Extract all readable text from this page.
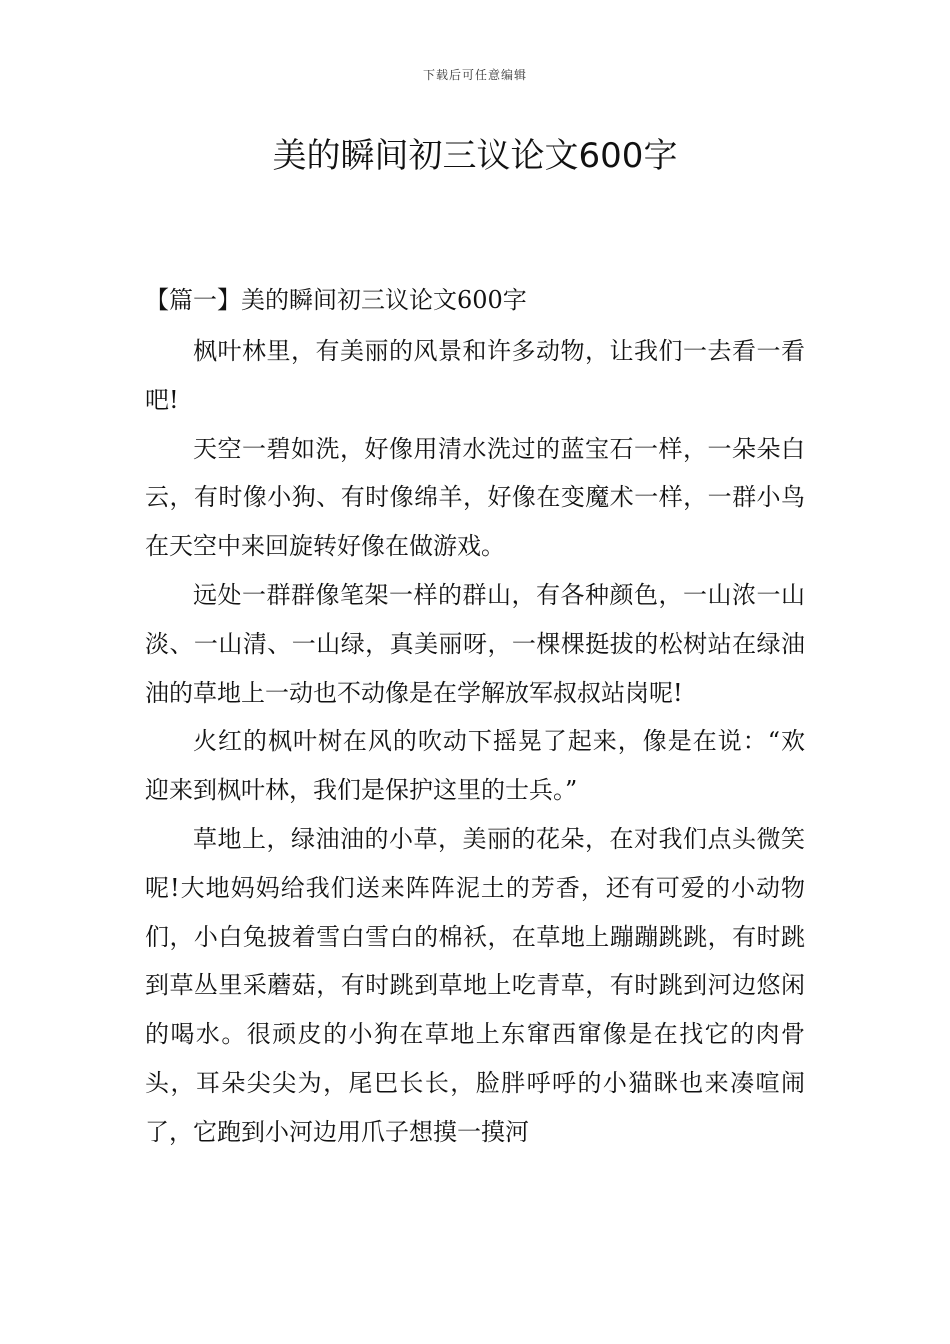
下载后可任意编辑
美的瞬间初三议论文600字

【篇一】美的瞬间初三议论文600字

枫叶林里，有美丽的风景和许多动物，让我们一去看一看吧!

天空一碧如洗，好像用清水洗过的蓝宝石一样，一朵朵白云，有时像小狗、有时像绵羊，好像在变魔术一样，一群小鸟在天空中来回旋转好像在做游戏。

远处一群群像笔架一样的群山，有各种颜色，一山浓一山淡、一山清、一山绿，真美丽呀，一棵棵挺拔的松树站在绿油油的草地上一动也不动像是在学解放军叔叔站岗呢!

火红的枫叶树在风的吹动下摇晃了起来，像是在说：“欢迎来到枫叶林，我们是保护这里的士兵。”

草地上，绿油油的小草，美丽的花朵，在对我们点头微笑呢!大地妈妈给我们送来阵阵泥土的芳香，还有可爱的小动物们，小白兔披着雪白雪白的棉袄，在草地上蹦蹦跳跳，有时跳到草丛里采蘑菇，有时跳到草地上吃青草，有时跳到河边悠闲的喝水。很顽皮的小狗在草地上东窜西窜像是在找它的肉骨头，耳朵尖尖为，尾巴长长，脸胖呼呼的小猫眯也来凑喧闹了，它跑到小河边用爪子想摸一摸河
